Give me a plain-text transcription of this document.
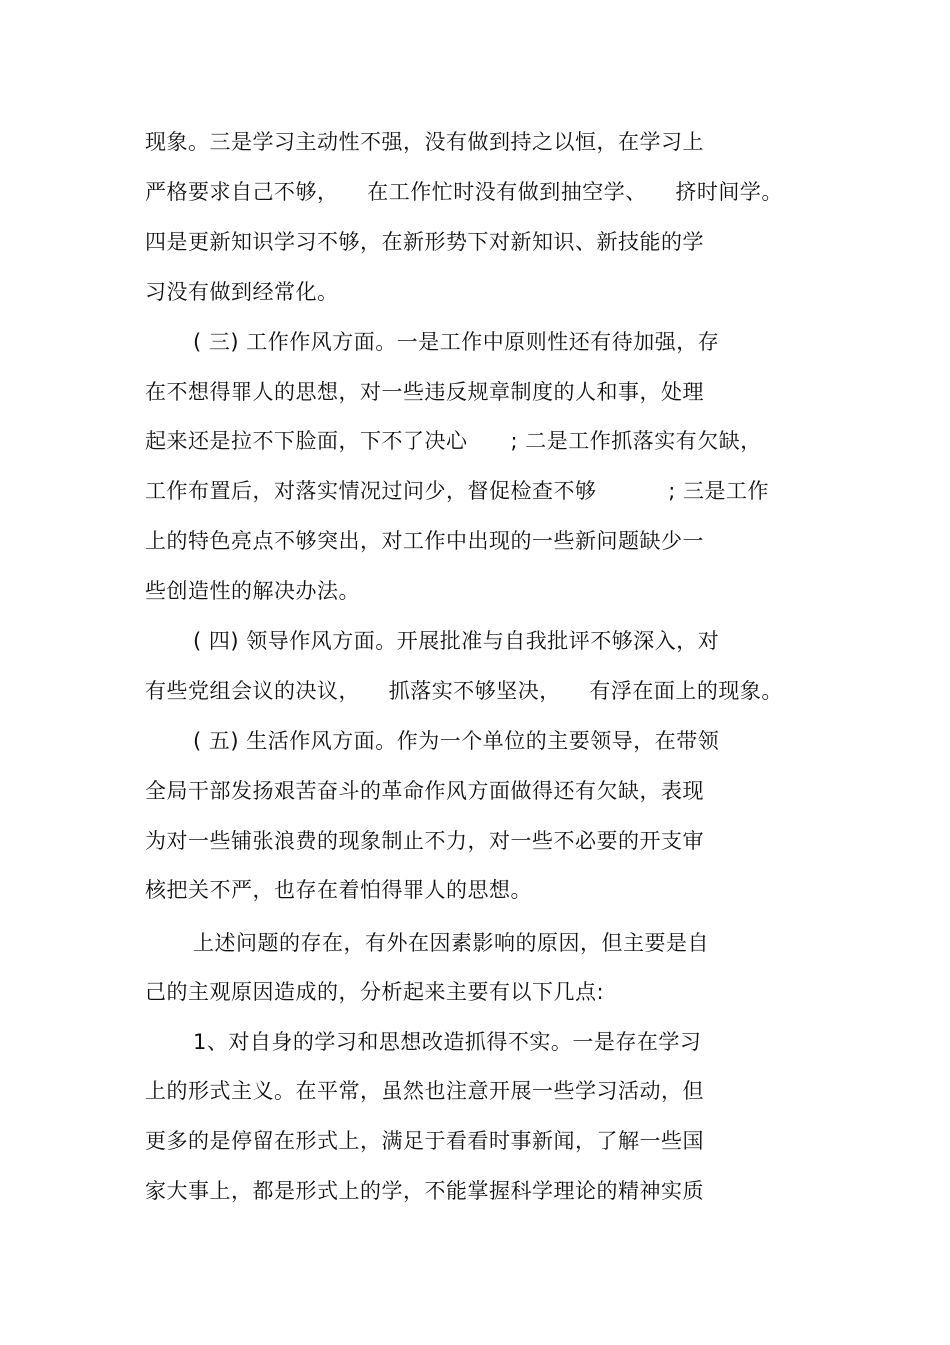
现象。三是学习主动性不强，没有做到持之以恒，在学习上
严格要求自己不够，    在工作忙时没有做到抽空学、    挤时间学。
四是更新知识学习不够，在新形势下对新知识、新技能的学
习没有做到经常化。
( 三) 工作作风方面。一是工作中原则性还有待加强，存
在不想得罪人的思想，对一些违反规章制度的人和事，处理
起来还是拉不下脸面，下不了决心      ; 二是工作抓落实有欠缺，
工作布置后，对落实情况过问少，督促检查不够          ; 三是工作
上的特色亮点不够突出，对工作中出现的一些新问题缺少一
些创造性的解决办法。
( 四) 领导作风方面。开展批准与自我批评不够深入，对
有些党组会议的决议，    抓落实不够坚决，    有浮在面上的现象。
( 五) 生活作风方面。作为一个单位的主要领导，在带领
全局干部发扬艰苦奋斗的革命作风方面做得还有欠缺，表现
为对一些铺张浪费的现象制止不力，对一些不必要的开支审
核把关不严，也存在着怕得罪人的思想。
上述问题的存在，有外在因素影响的原因，但主要是自
己的主观原因造成的，分析起来主要有以下几点:
1、对自身的学习和思想改造抓得不实。一是存在学习
上的形式主义。在平常，虽然也注意开展一些学习活动，但
更多的是停留在形式上，满足于看看时事新闻，了解一些国
家大事上，都是形式上的学，不能掌握科学理论的精神实质
